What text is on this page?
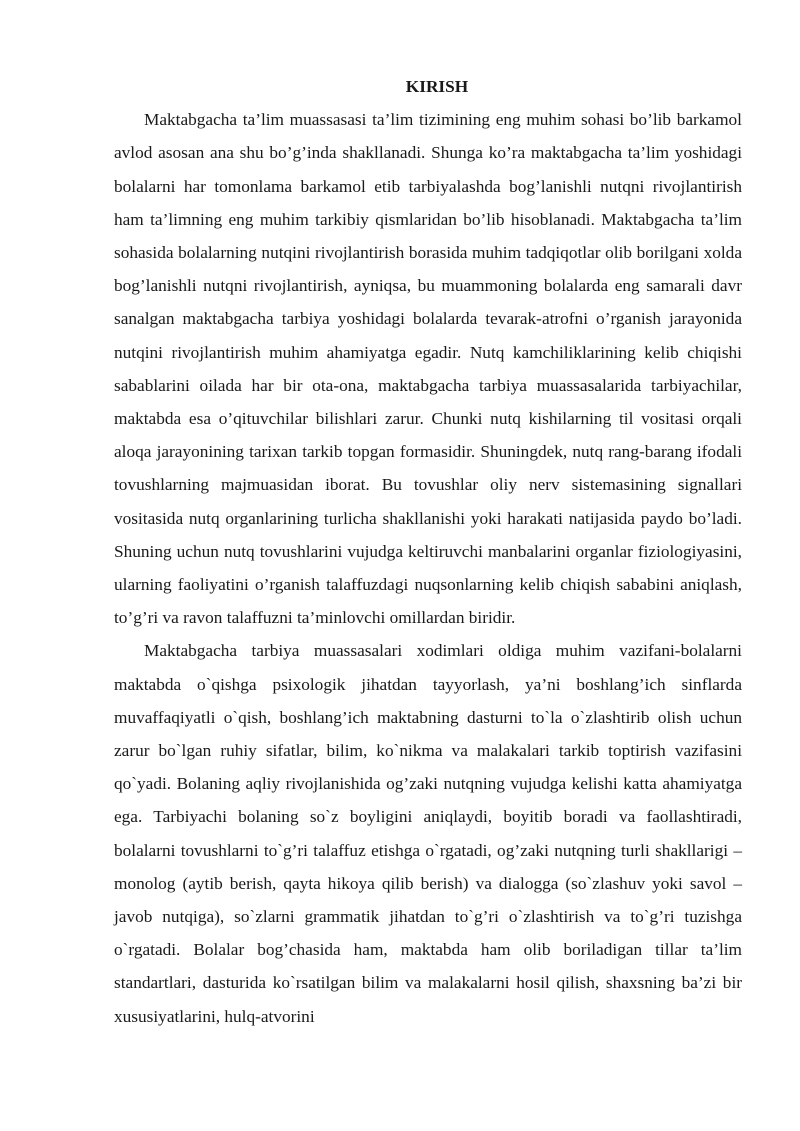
KIRISH

Maktabgacha ta’lim muassasasi ta’lim tizimining eng muhim sohasi bo’lib barkamol avlod asosan ana shu bo’g’inda shakllanadi. Shunga ko’ra maktabgacha ta’lim yoshidagi bolalarni har tomonlama barkamol etib tarbiyalashda bog’lanishli nutqni rivojlantirish ham ta’limning eng muhim tarkibiy qismlaridan bo’lib hisoblanadi. Maktabgacha ta’lim sohasida bolalarning nutqini rivojlantirish borasida muhim tadqiqotlar olib borilgani xolda bog’lanishli nutqni rivojlantirish, ayniqsa, bu muammoning bolalarda eng samarali davr sanalgan maktabgacha tarbiya yoshidagi bolalarda tevarak-atrofni o’rganish jarayonida nutqini rivojlantirish muhim ahamiyatga egadir. Nutq kamchiliklarining kelib chiqishi sabablarini oilada har bir ota-ona, maktabgacha tarbiya muassasalarida tarbiyachilar, maktabda esa o’qituvchilar bilishlari zarur. Chunki nutq kishilarning til vositasi orqali aloqa jarayonining tarixan tarkib topgan formasidir. Shuningdek, nutq rang-barang ifodali tovushlarning majmuasidan iborat. Bu tovushlar oliy nerv sistemasining signallari vositasida nutq organlarining turlicha shakllanishi yoki harakati natijasida paydo bo’ladi. Shuning uchun nutq tovushlarini vujudga keltiruvchi manbalarini organlar fiziologiyasini, ularning faoliyatini o’rganish talaffuzdagi nuqsonlarning kelib chiqish sababini aniqlash, to’g’ri va ravon talaffuzni ta’minlovchi omillardan biridir.

Maktabgacha tarbiya muassasalari xodimlari oldiga muhim vazifani-bolalarni maktabda o`qishga psixologik jihatdan tayyorlash, ya’ni boshlang’ich sinflarda muvaffaqiyatli o`qish, boshlang’ich maktabning dasturni to`la o`zlashtirib olish uchun zarur bo`lgan ruhiy sifatlar, bilim, ko`nikma va malakalari tarkib toptirish vazifasini qo`yadi. Bolaning aqliy rivojlanishida og’zaki nutqning vujudga kelishi katta ahamiyatga ega. Tarbiyachi bolaning so`z boyligini aniqlaydi, boyitib boradi va faollashtiradi, bolalarni tovushlarni to`g’ri talaffuz etishga o`rgatadi, og’zaki nutqning turli shakllarigi – monolog (aytib berish, qayta hikoya qilib berish) va dialogga (so`zlashuv yoki savol – javob nutqiga), so`zlarni grammatik jihatdan to`g’ri o`zlashtirish va to`g’ri tuzishga o`rgatadi. Bolalar bog’chasida ham, maktabda ham olib boriladigan tillar ta’lim standartlari, dasturida ko`rsatilgan bilim va malakalarni hosil qilish, shaxsning ba’zi bir xususiyatlarini, hulq-atvorini
